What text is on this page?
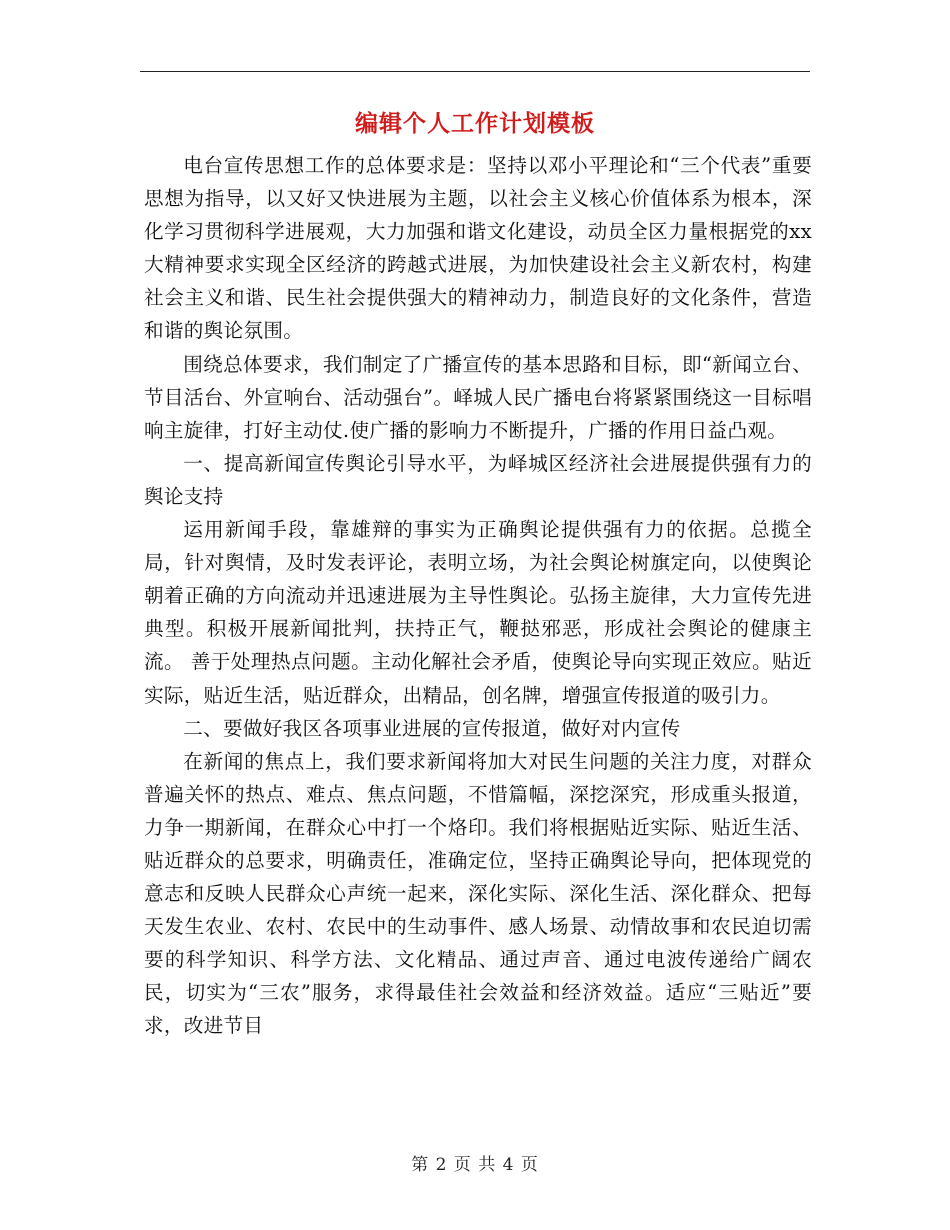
编辑个人工作计划模板

电台宣传思想工作的总体要求是：坚持以邓小平理论和“三个代表”重要思想为指导，以又好又快进展为主题，以社会主义核心价值体系为根本，深化学习贯彻科学进展观，大力加强和谐文化建设，动员全区力量根据党的xx大精神要求实现全区经济的跨越式进展，为加快建设社会主义新农村，构建社会主义和谐、民生社会提供强大的精神动力，制造良好的文化条件，营造和谐的舆论氛围。

围绕总体要求，我们制定了广播宣传的基本思路和目标，即“新闻立台、节目活台、外宣响台、活动强台”。峄城人民广播电台将紧紧围绕这一目标唱响主旋律，打好主动仗.使广播的影响力不断提升，广播的作用日益凸观。

一、提高新闻宣传舆论引导水平，为峄城区经济社会进展提供强有力的舆论支持

运用新闻手段，靠雄辩的事实为正确舆论提供强有力的依据。总揽全局，针对舆情，及时发表评论，表明立场，为社会舆论树旗定向，以使舆论朝着正确的方向流动并迅速进展为主导性舆论。弘扬主旋律，大力宣传先进典型。积极开展新闻批判，扶持正气，鞭挞邪恶，形成社会舆论的健康主流。 善于处理热点问题。主动化解社会矛盾，使舆论导向实现正效应。贴近实际，贴近生活，贴近群众，出精品，创名牌，增强宣传报道的吸引力。

二、要做好我区各项事业进展的宣传报道，做好对内宣传

在新闻的焦点上，我们要求新闻将加大对民生问题的关注力度，对群众普遍关怀的热点、难点、焦点问题，不惜篇幅，深挖深究，形成重头报道，力争一期新闻，在群众心中打一个烙印。我们将根据贴近实际、贴近生活、贴近群众的总要求，明确责任，准确定位，坚持正确舆论导向，把体现党的意志和反映人民群众心声统一起来，深化实际、深化生活、深化群众、把每天发生农业、农村、农民中的生动事件、感人场景、动情故事和农民迫切需要的科学知识、科学方法、文化精品、通过声音、通过电波传递给广阔农民，切实为“三农”服务，求得最佳社会效益和经济效益。适应“三贴近”要求，改进节目

第 2 页 共 4 页
